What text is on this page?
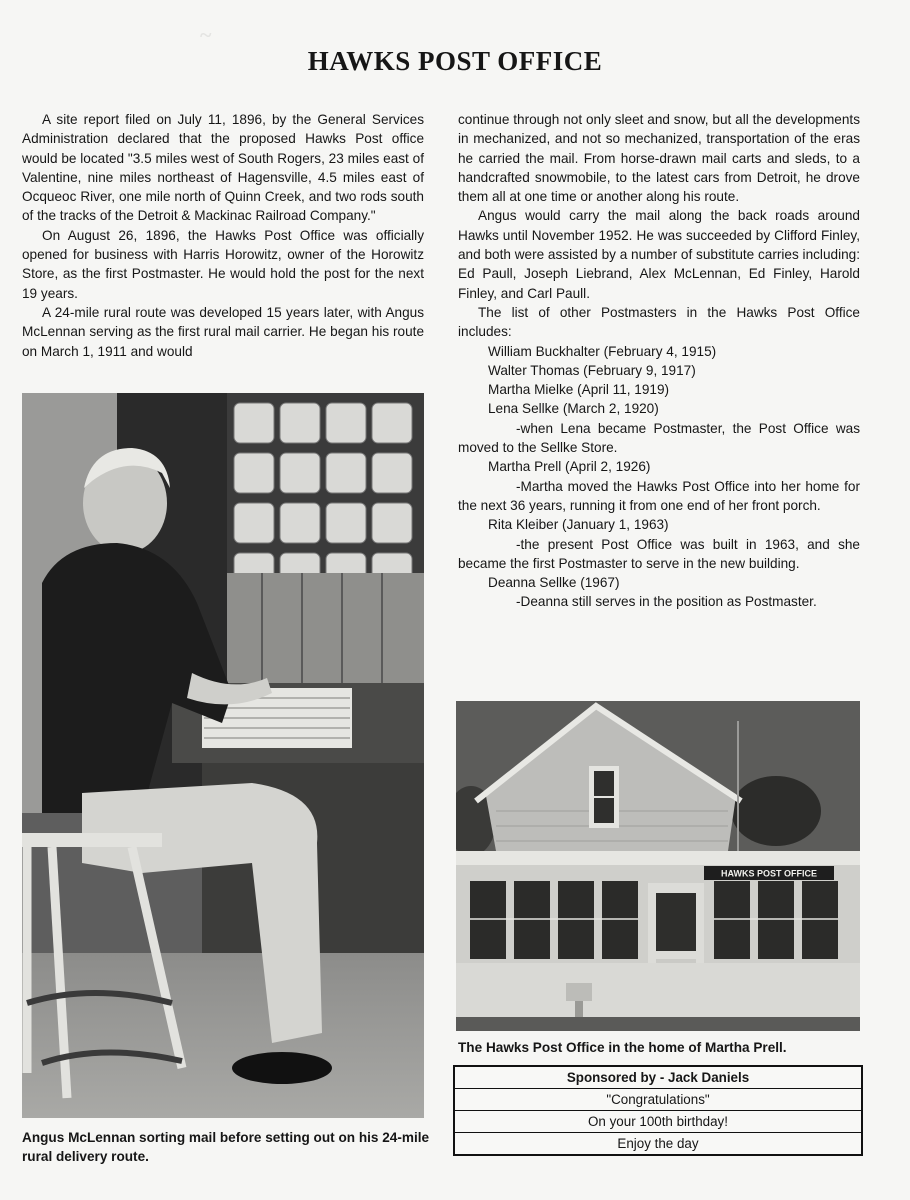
~
HAWKS POST OFFICE

A site report filed on July 11, 1896, by the General Services Administration declared that the proposed Hawks Post office would be located "3.5 miles west of South Rogers, 23 miles east of Valentine, nine miles northeast of Hagensville, 4.5 miles east of Ocqueoc River, one mile north of Quinn Creek, and two rods south of the tracks of the Detroit & Mackinac Railroad Company."

On August 26, 1896, the Hawks Post Office was officially opened for business with Harris Horowitz, owner of the Horowitz Store, as the first Postmaster. He would hold the post for the next 19 years.

A 24-mile rural route was developed 15 years later, with Angus McLennan serving as the first rural mail carrier. He began his route on March 1, 1911 and would

continue through not only sleet and snow, but all the developments in mechanized, and not so mechanized, transportation of the eras he carried the mail. From horse-drawn mail carts and sleds, to a handcrafted snowmobile, to the latest cars from Detroit, he drove them all at one time or another along his route.

Angus would carry the mail along the back roads around Hawks until November 1952. He was succeeded by Clifford Finley, and both were assisted by a number of substitute carries including: Ed Paull, Joseph Liebrand, Alex McLennan, Ed Finley, Harold Finley, and Carl Paull.

The list of other Postmasters in the Hawks Post Office includes:

William Buckhalter (February 4, 1915)
Walter Thomas (February 9, 1917)
Martha Mielke (April 11, 1919)
Lena Sellke (March 2, 1920)
-when Lena became Postmaster, the Post Office was moved to the Sellke Store.
Martha Prell (April 2, 1926)
-Martha moved the Hawks Post Office into her home for the next 36 years, running it from one end of her front porch.
Rita Kleiber (January 1, 1963)
-the present Post Office was built in 1963, and she became the first Postmaster to serve in the new building.
Deanna Sellke (1967)
-Deanna still serves in the position as Postmaster.
Angus McLennan sorting mail before setting out on his 24-mile rural delivery route.
HAWKS POST OFFICE
The Hawks Post Office in the home of Martha Prell.
Sponsored by - Jack Daniels
"Congratulations"
On your 100th birthday!
Enjoy the day
